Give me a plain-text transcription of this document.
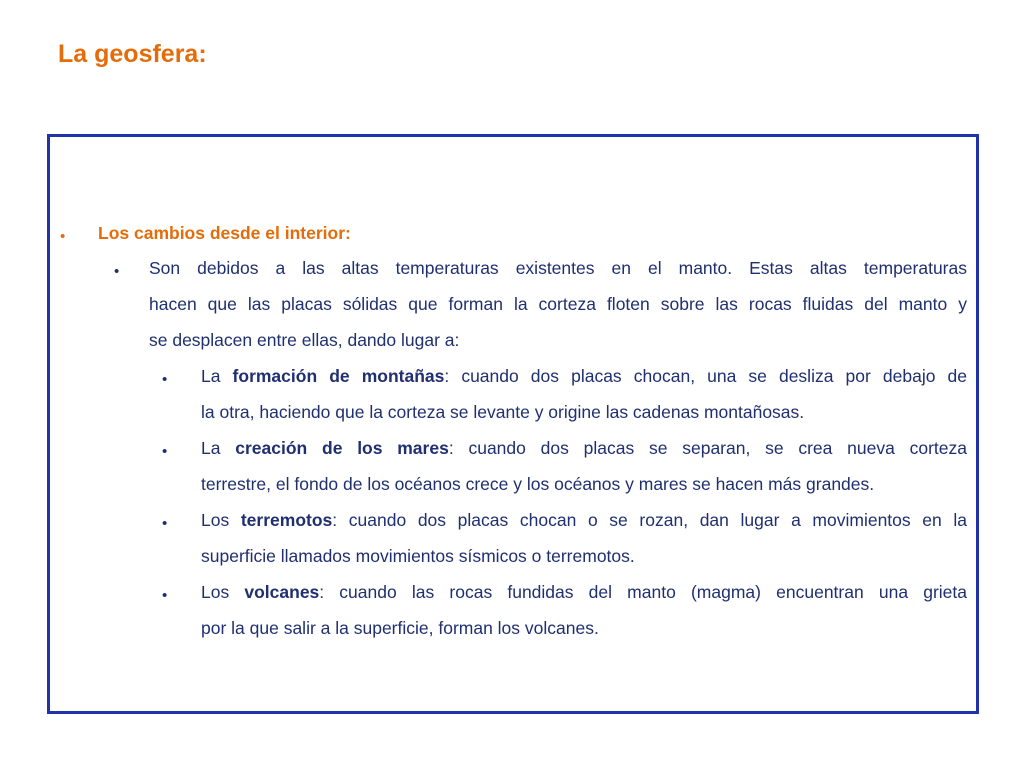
La geosfera:
• Los cambios desde el interior:
• Son debidos a las altas temperaturas existentes en el manto. Estas altas temperaturas
hacen que las placas sólidas que forman la corteza floten sobre las rocas fluidas del manto y
se desplacen entre ellas, dando lugar a:
• La formación de montañas: cuando dos placas chocan, una se desliza por debajo de
la otra, haciendo que la corteza se levante y origine las cadenas montañosas.
• La creación de los mares: cuando dos placas se separan, se crea nueva corteza
terrestre, el fondo de los océanos crece y los océanos y mares se hacen más grandes.
• Los terremotos: cuando dos placas chocan o se rozan, dan lugar a movimientos en la
superficie llamados movimientos sísmicos o terremotos.
• Los volcanes: cuando las rocas fundidas del manto (magma) encuentran una grieta
por la que salir a la superficie, forman los volcanes.
